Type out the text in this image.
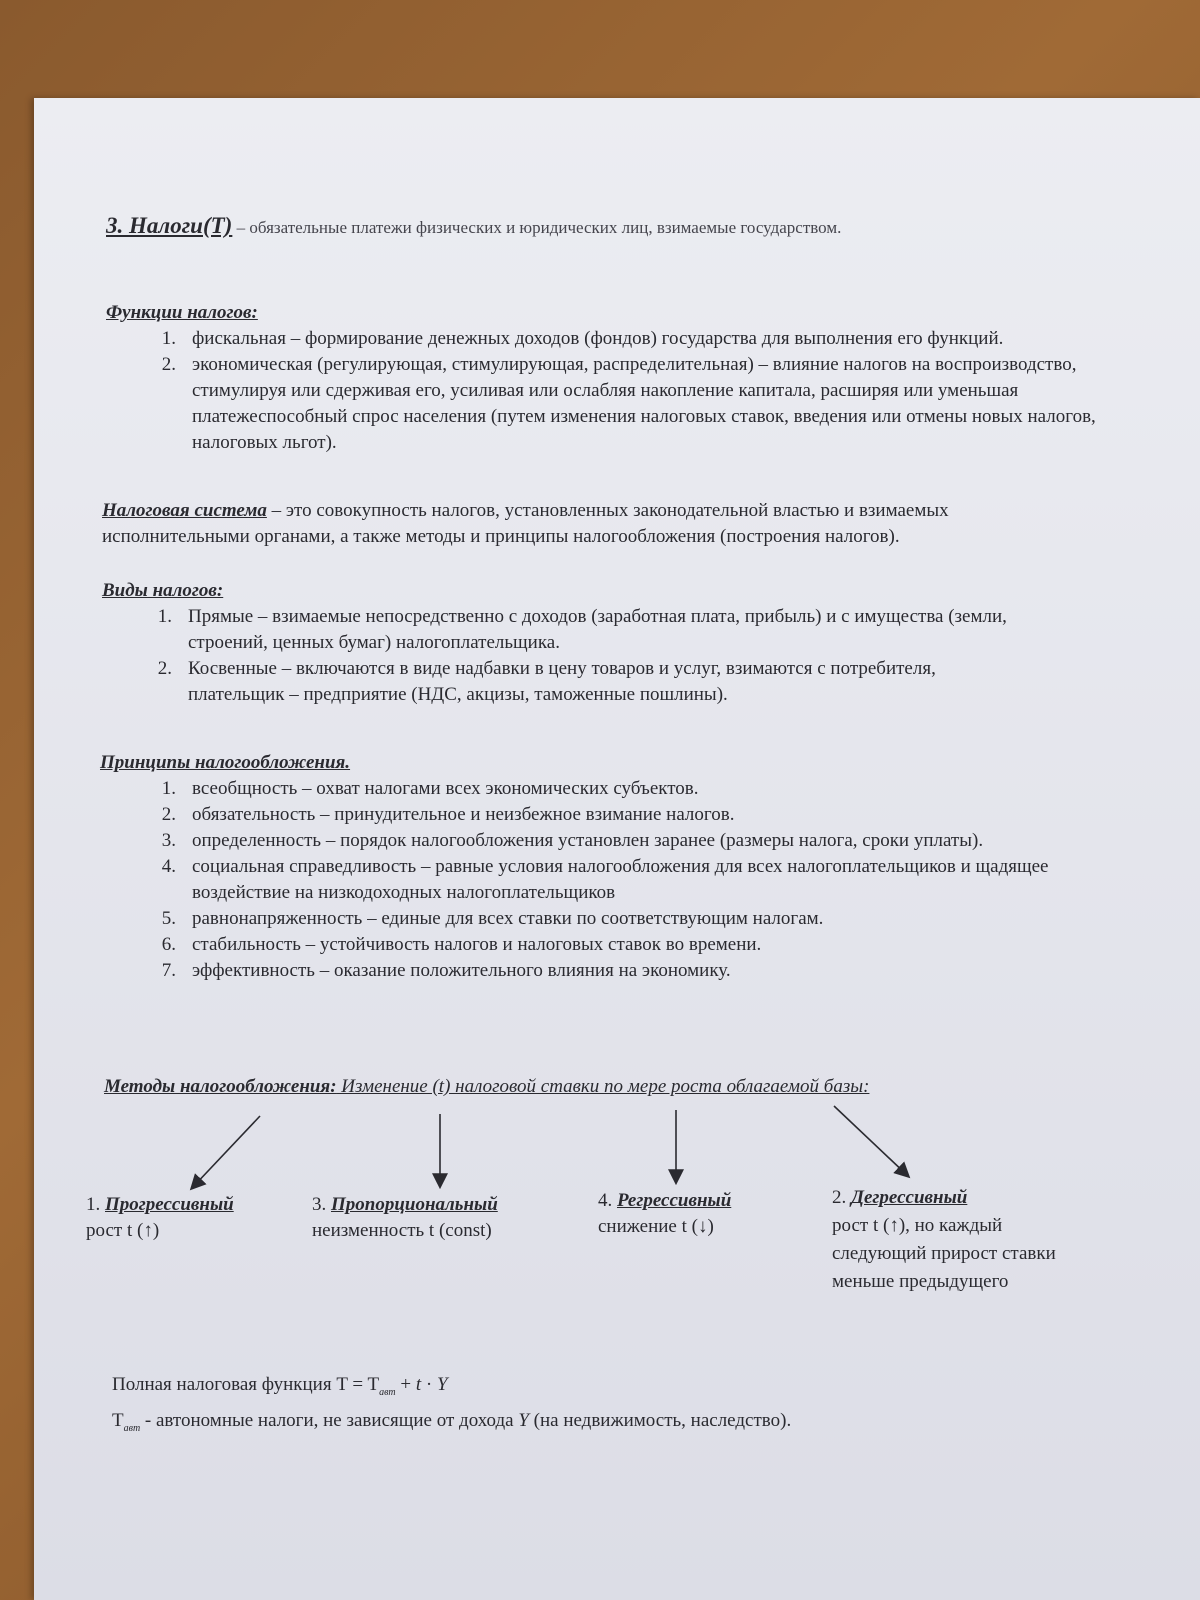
3. Налоги(Т) – обязательные платежи физических и юридических лиц, взимаемые государством.

Функции налогов:

1. фискальная – формирование денежных доходов (фондов) государства для выполнения его функций.
2. экономическая (регулирующая, стимулирующая, распределительная) – влияние налогов на воспроизводство, стимулируя или сдерживая его, усиливая или ослабляя накопление капитала, расширяя или уменьшая платежеспособный спрос населения (путем изменения налоговых ставок, введения или отмены новых налогов, налоговых льгот).

Налоговая система – это совокупность налогов, установленных законодательной властью и взимаемых исполнительными органами, а также методы и принципы налогообложения (построения налогов).

Виды налогов:

1. Прямые – взимаемые непосредственно с доходов (заработная плата, прибыль) и с имущества (земли, строений, ценных бумаг) налогоплательщика.
2. Косвенные – включаются в виде надбавки в цену товаров и услуг, взимаются с потребителя, плательщик – предприятие (НДС, акцизы, таможенные пошлины).

Принципы налогообложения.

1. всеобщность – охват налогами всех экономических субъектов.
2. обязательность – принудительное и неизбежное взимание налогов.
3. определенность – порядок налогообложения установлен заранее (размеры налога, сроки уплаты).
4. социальная справедливость – равные условия налогообложения для всех налогоплательщиков и щадящее воздействие на низкодоходных налогоплательщиков
5. равнонапряженность – единые для всех ставки по соответствующим налогам.
6. стабильность – устойчивость налогов и налоговых ставок во времени.
7. эффективность – оказание положительного влияния на экономику.
Методы налогообложения: Изменение (t) налоговой ставки по мере роста облагаемой базы:

1. Прогрессивный

рост t (↑)

3. Пропорциональный

неизменность t (const)

4. Регрессивный

снижение t (↓)

2. Дегрессивный

рост t (↑), но каждый следующий прирост ставки меньше предыдущего

Полная налоговая функция $T = T_{авт} + t \cdot Y$
$T_{авт}$ - автономные налоги, не зависящие от дохода Y (на недвижимость, наследство).
